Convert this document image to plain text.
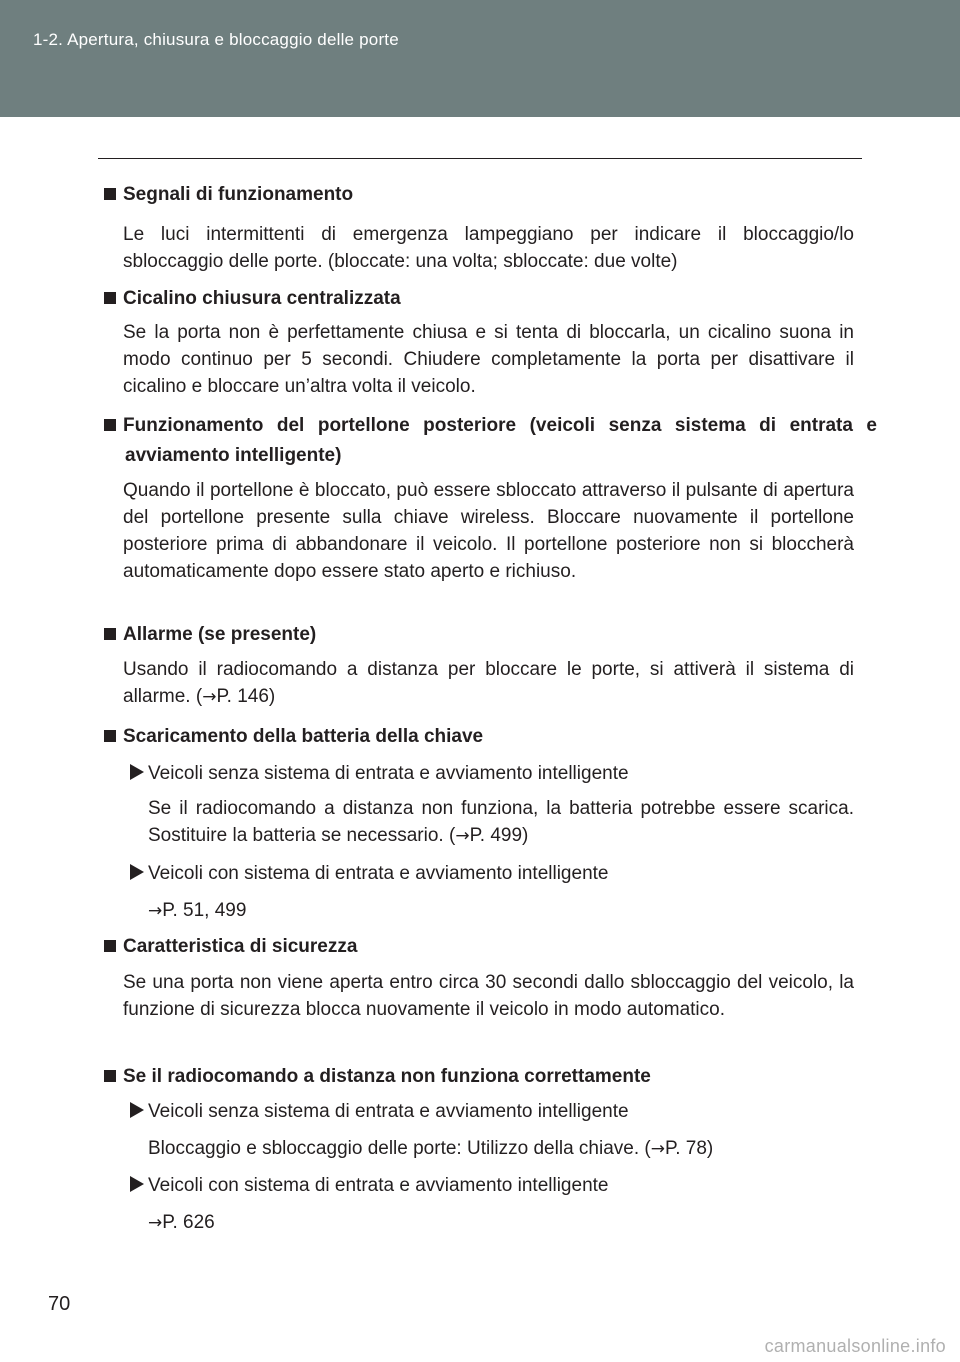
1-2. Apertura, chiusura e bloccaggio delle porte
Segnali di funzionamento
Le luci intermittenti di emergenza lampeggiano per indicare il bloccaggio/lo sbloccaggio delle porte. (bloccate: una volta; sbloccate: due volte)
Cicalino chiusura centralizzata
Se la porta non è perfettamente chiusa e si tenta di bloccarla, un cicalino suona in modo continuo per 5 secondi. Chiudere completamente la porta per disattivare il cicalino e bloccare un’altra volta il veicolo.
Funzionamento del portellone posteriore (veicoli senza sistema di entrata e avviamento intelligente)
Quando il portellone è bloccato, può essere sbloccato attraverso il pulsante di apertura del portellone presente sulla chiave wireless. Bloccare nuovamente il portellone posteriore prima di abbandonare il veicolo. Il portellone posteriore non si bloccherà automaticamente dopo essere stato aperto e richiuso.
Allarme (se presente)
Usando il radiocomando a distanza per bloccare le porte, si attiverà il sistema di allarme. (→P. 146)
Scaricamento della batteria della chiave
Veicoli senza sistema di entrata e avviamento intelligente
Se il radiocomando a distanza non funziona, la batteria potrebbe essere scarica. Sostituire la batteria se necessario. (→P. 499)
Veicoli con sistema di entrata e avviamento intelligente
→P. 51, 499
Caratteristica di sicurezza
Se una porta non viene aperta entro circa 30 secondi dallo sbloccaggio del veicolo, la funzione di sicurezza blocca nuovamente il veicolo in modo automatico.
Se il radiocomando a distanza non funziona correttamente
Veicoli senza sistema di entrata e avviamento intelligente
Bloccaggio e sbloccaggio delle porte: Utilizzo della chiave. (→P. 78)
Veicoli con sistema di entrata e avviamento intelligente
→P. 626
70
carmanualsonline.info
